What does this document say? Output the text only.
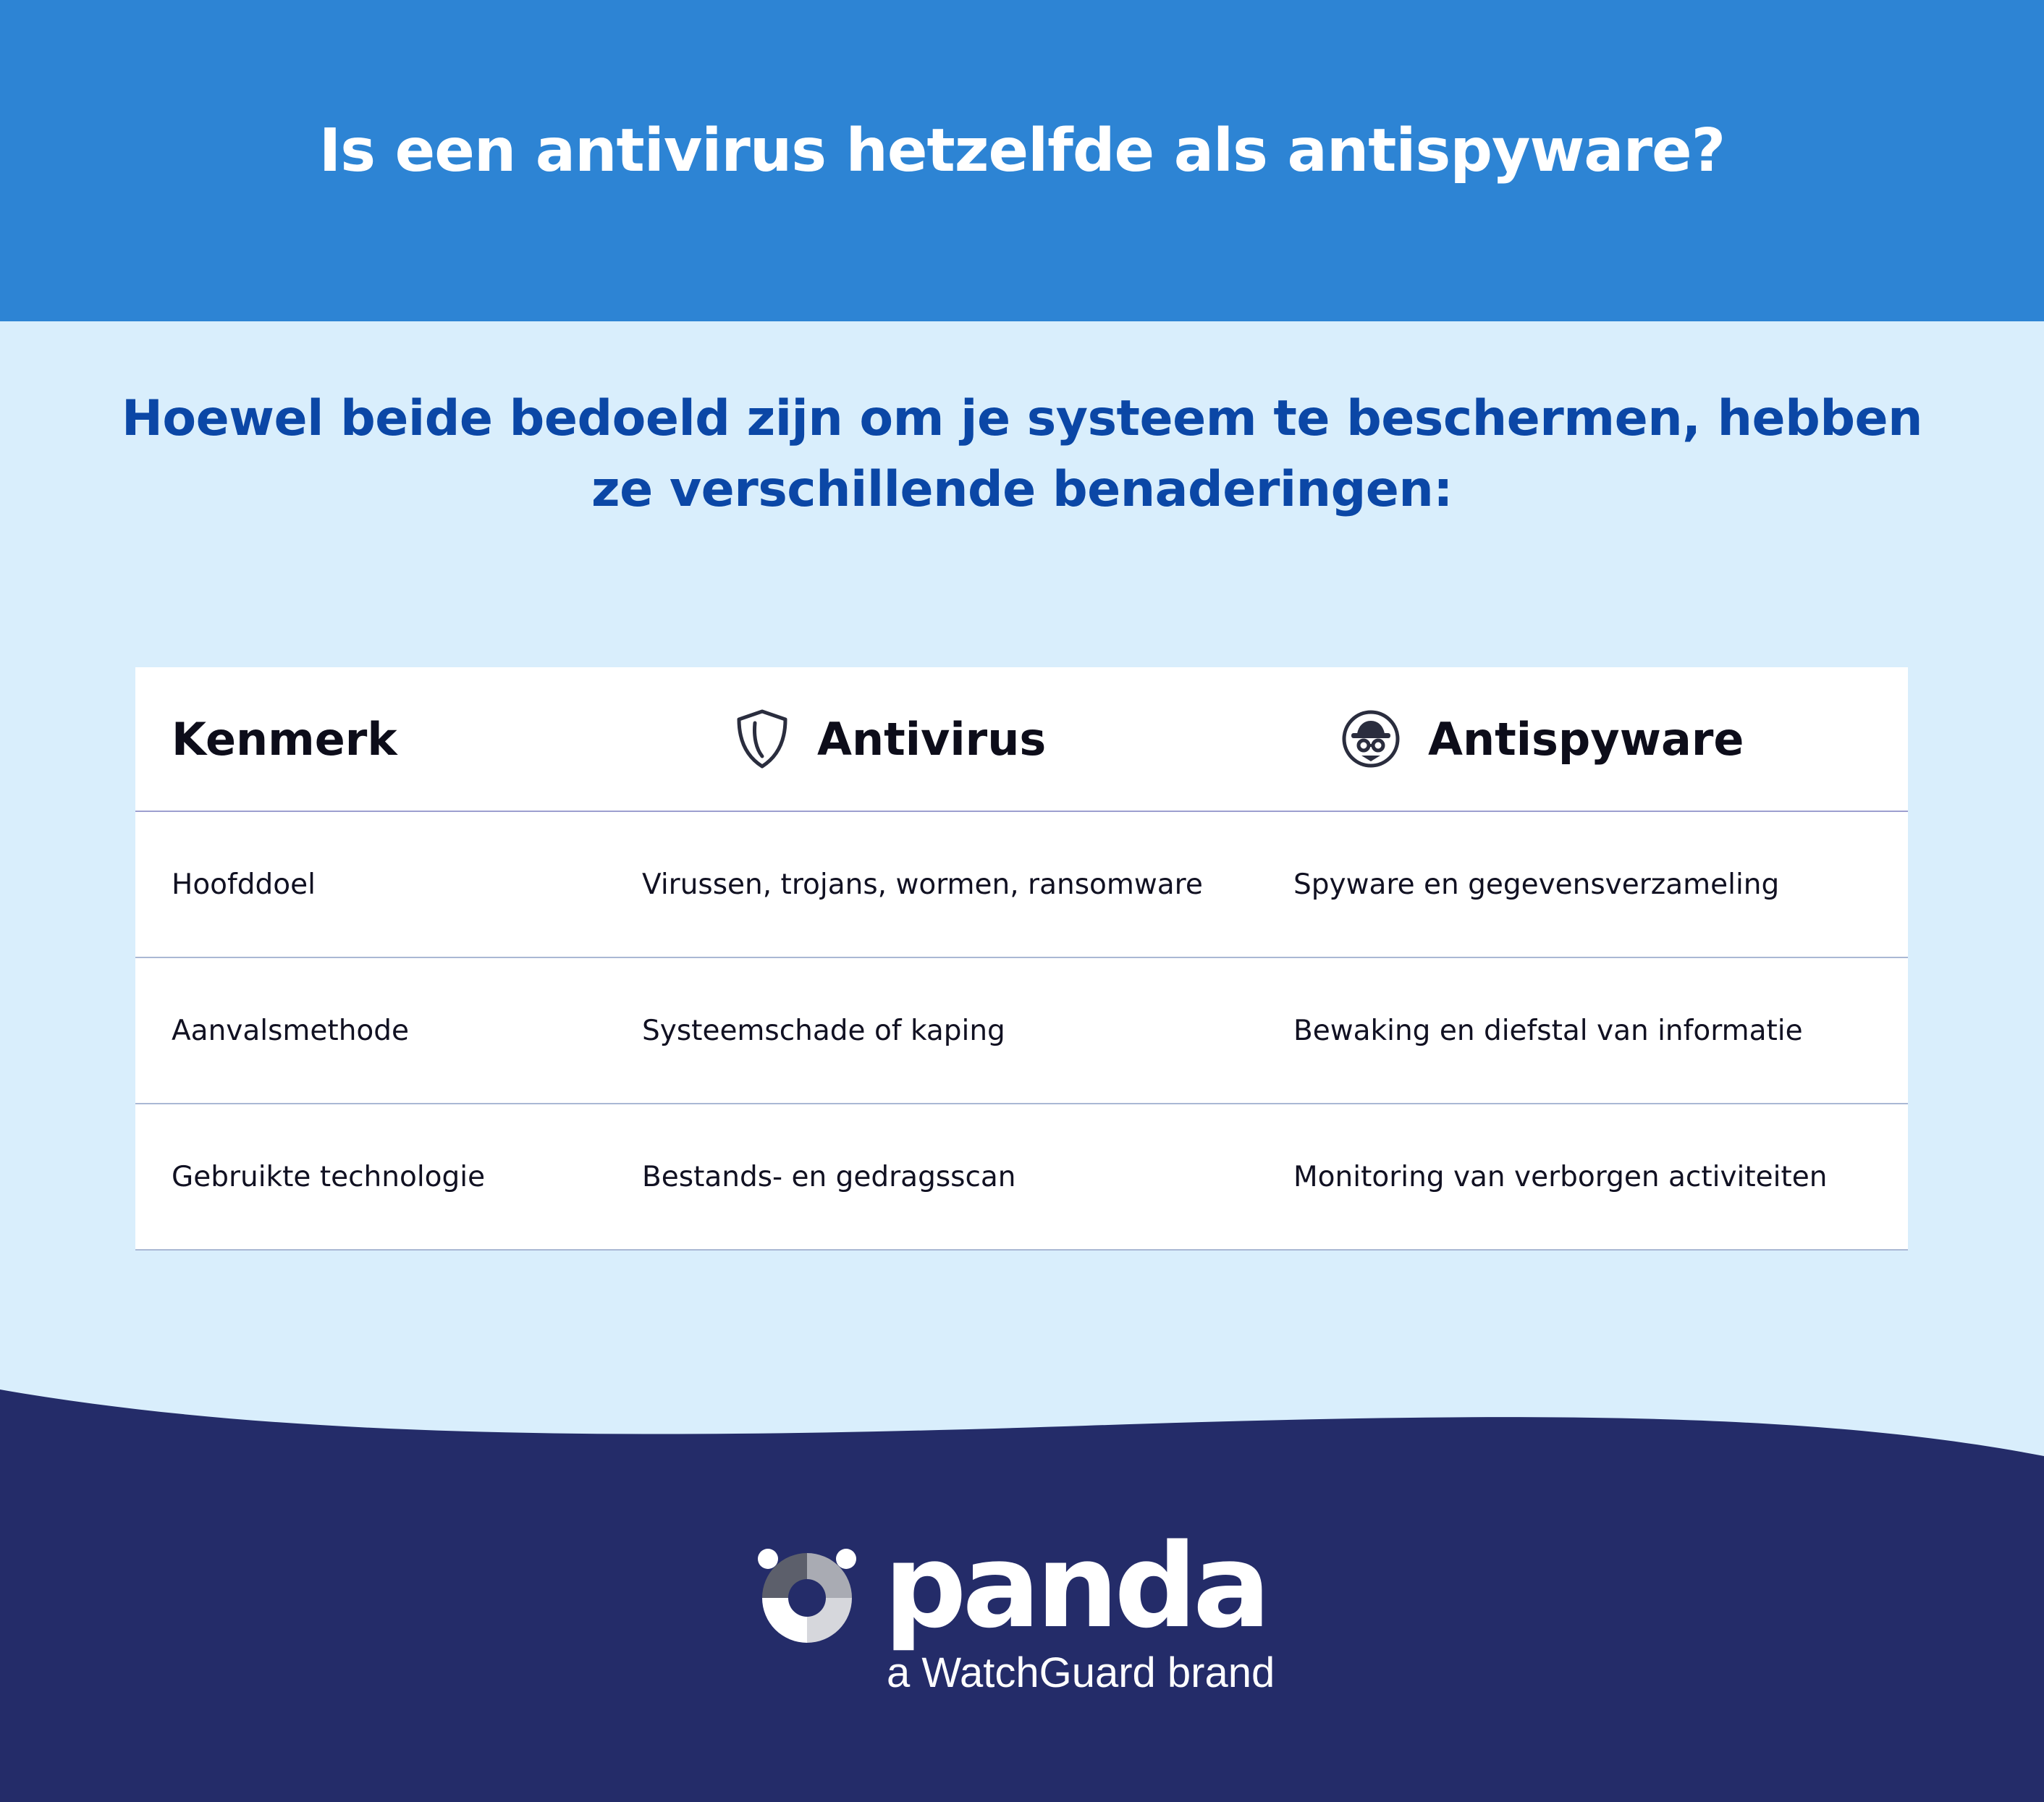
Is een antivirus hetzelfde als antispyware?
Hoewel beide bedoeld zijn om je systeem te beschermen, hebben
ze verschillende benaderingen:
Kenmerk	Antivirus	Antispyware
Hoofddoel	Virussen, trojans, wormen, ransomware	Spyware en gegevensverzameling
Aanvalsmethode	Systeemschade of kaping	Bewaking en diefstal van informatie
Gebruikte technologie	Bestands- en gedragsscan	Monitoring van verborgen activiteiten
panda
a WatchGuard brand
